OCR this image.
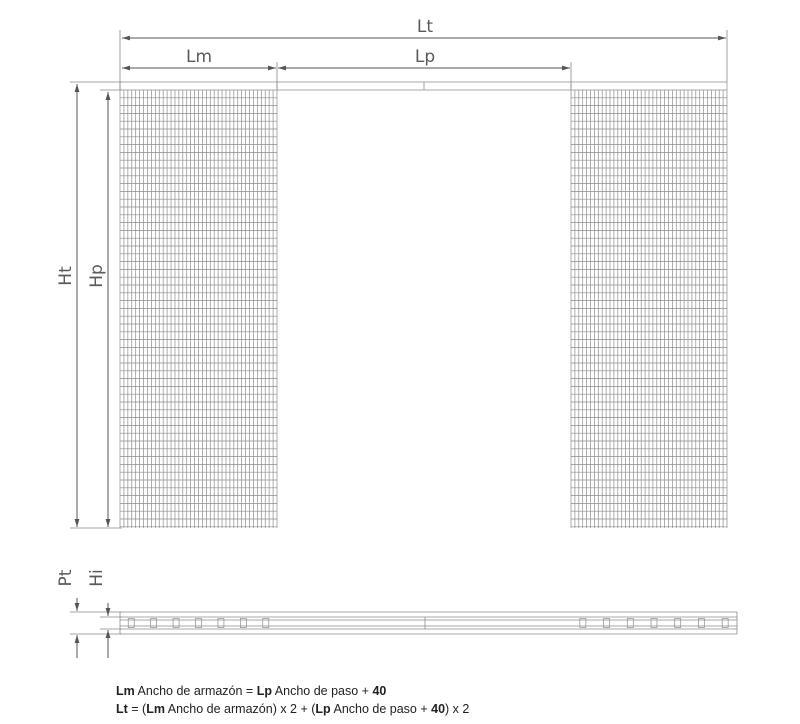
Lt
Lm	Lp
Ht Hp
Pt Hi
Lm Ancho de armazón = Lp Ancho de paso + 40
Lt = (Lm Ancho de armazón) x 2 + (Lp Ancho de paso + 40) x 2
